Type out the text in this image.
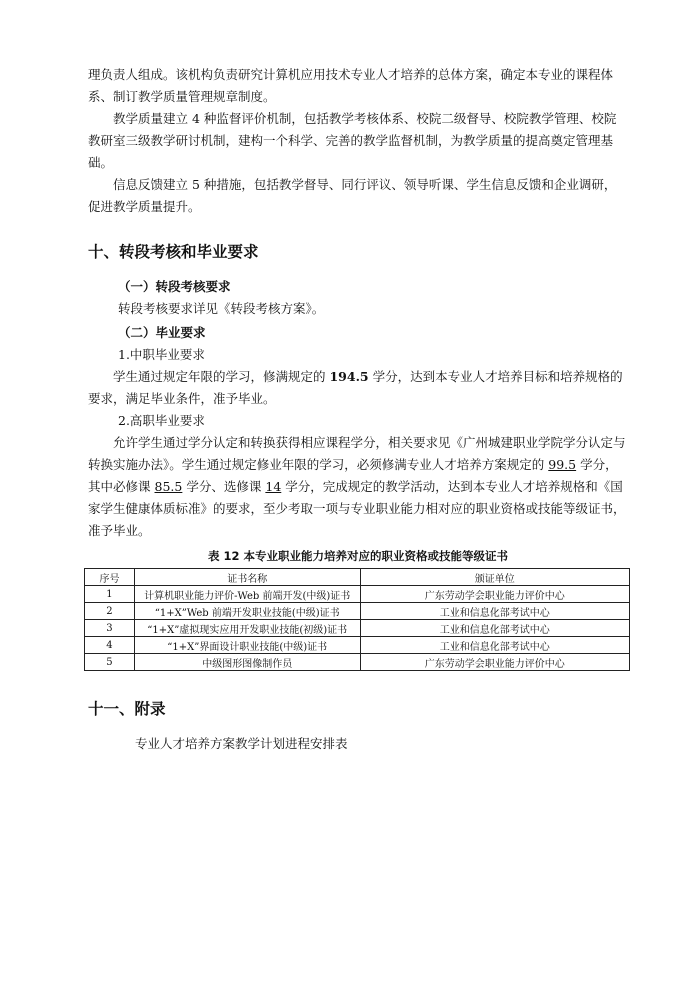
理负责人组成。该机构负责研究计算机应用技术专业人才培养的总体方案，确定本专业的课程体系、制订教学质量管理规章制度。

教学质量建立 4 种监督评价机制，包括教学考核体系、校院二级督导、校院教学管理、校院教研室三级教学研讨机制，建构一个科学、完善的教学监督机制，为教学质量的提高奠定管理基础。

信息反馈建立 5 种措施，包括教学督导、同行评议、领导听课、学生信息反馈和企业调研，促进教学质量提升。

十、转段考核和毕业要求
（一）转段考核要求

转段考核要求详见《转段考核方案》。

（二）毕业要求

1.中职毕业要求

学生通过规定年限的学习，修满规定的 194.5 学分，达到本专业人才培养目标和培养规格的要求，满足毕业条件，准予毕业。

2.高职毕业要求

允许学生通过学分认定和转换获得相应课程学分，相关要求见《广州城建职业学院学分认定与转换实施办法》。学生通过规定修业年限的学习，必须修满专业人才培养方案规定的 99.5 学分，其中必修课 85.5 学分、选修课 14 学分，完成规定的教学活动，达到本专业人才培养规格和《国家学生健康体质标准》的要求，至少考取一项与专业职业能力相对应的职业资格或技能等级证书，准予毕业。

表 12 本专业职业能力培养对应的职业资格或技能等级证书
序号	证书名称	颁证单位
1	计算机职业能力评价-Web 前端开发(中级)证书	广东劳动学会职业能力评价中心
2	“1+X”Web 前端开发职业技能(中级)证书	工业和信息化部考试中心
3	“1+X”虚拟现实应用开发职业技能(初级)证书	工业和信息化部考试中心
4	“1+X”界面设计职业技能(中级)证书	工业和信息化部考试中心
5	中级图形图像制作员	广东劳动学会职业能力评价中心
十一、附录

专业人才培养方案教学计划进程安排表
